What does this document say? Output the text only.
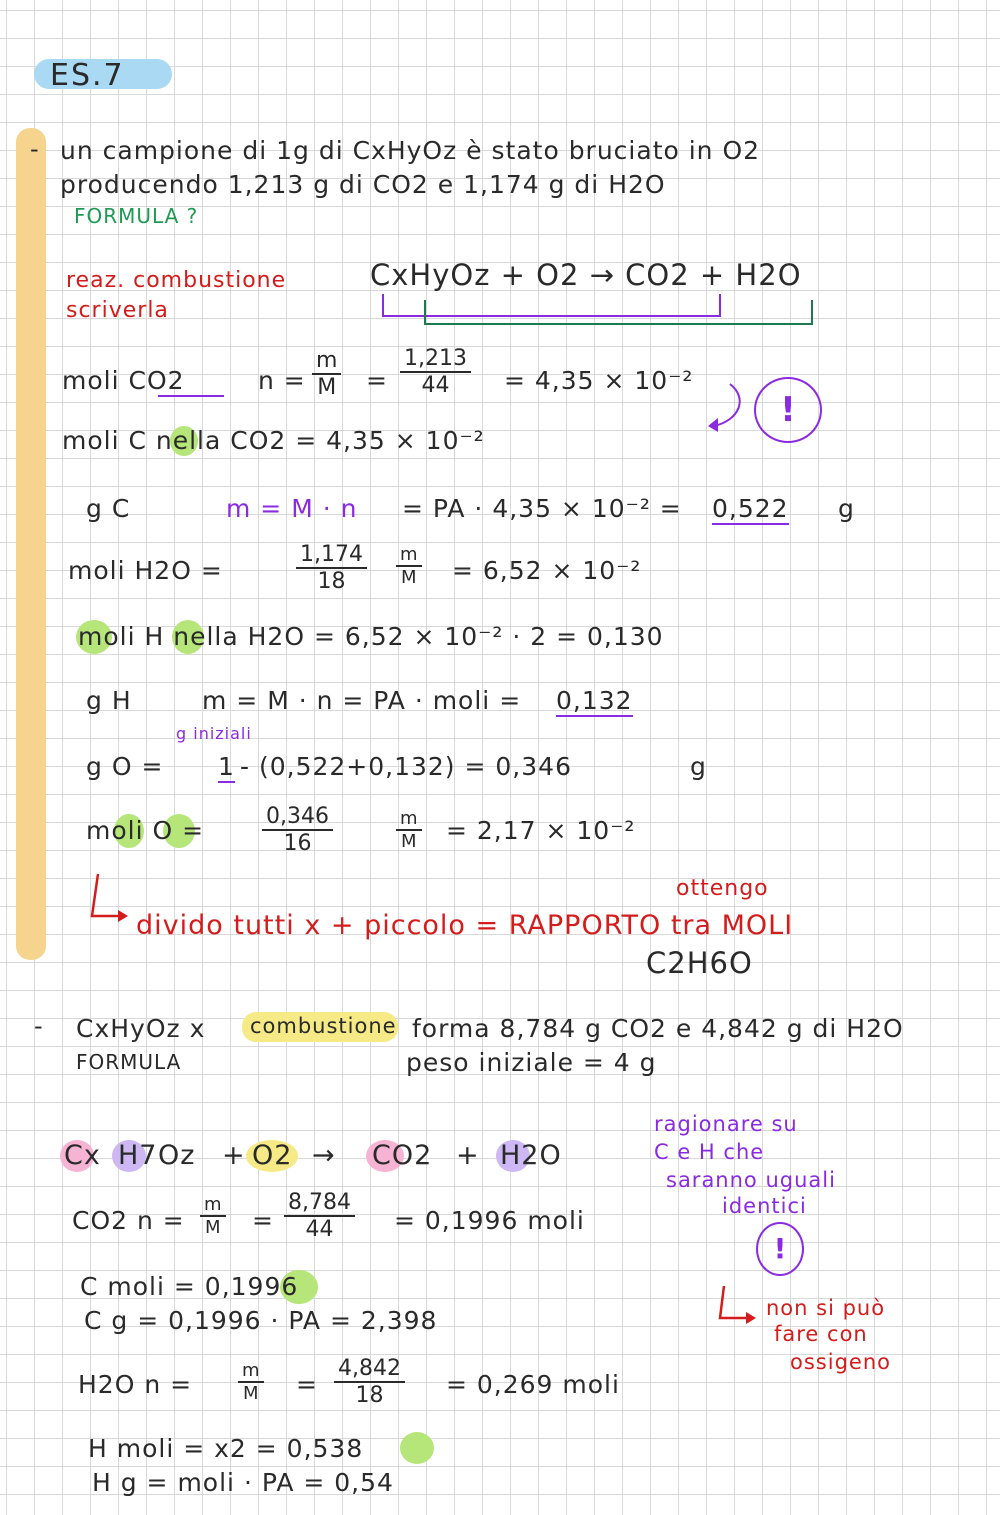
ES.7
- un campione di 1g di CxHyOz è stato bruciato in O2
producendo 1,213 g di CO2 e 1,174 g di H2O
FORMULA ?
reaz. combustione scriverla
CxHyOz + O2 → CO2 + H2O
moli CO2	$n = \frac{m}{M} = \frac{1,213}{44} = 4,35 \times 10^{-2}$
!
moli C nella CO2 = 4,35 × 10⁻²
g C	m = M · n = PA · 4,35 × 10⁻² = 0,522 g
moli H2O =	$\frac{1,174}{18} \frac{m}{M} = 6,52 \times 10^{-2}$
moli H nella H2O = 6,52 × 10⁻² · 2 = 0,130
g H	m = M · n = PA · moli = 0,132
g iniziali
g O = 1 - (0,522+0,132) = 0,346	g
moli O =	$\frac{0,346}{16}$	$\frac{m}{M} = 2,17 \times 10^{-2}$
ottengo
divido tutti x + piccolo = RAPPORTO tra MOLI
C2H6O
- CxHyOz x combustione forma 8,784 g CO2 e 4,842 g di H2O
FORMULA	peso iniziale = 4 g
Cx H7 Oz + O2 → CO2 + H2O
CO2 $n = \frac{m}{M} = \frac{8,784}{44} = 0,1996$ moli
C moli = 0,1996
C g = 0,1996 · PA = 2,398
H2O n =	$\frac{m}{M} = \frac{4,842}{18} = 0,269$ moli
H moli = x2 = 0,538
H g = moli · PA = 0,54
ragionare su
C e H che
saranno uguali
identici
!
non si può
fare con
ossigeno
